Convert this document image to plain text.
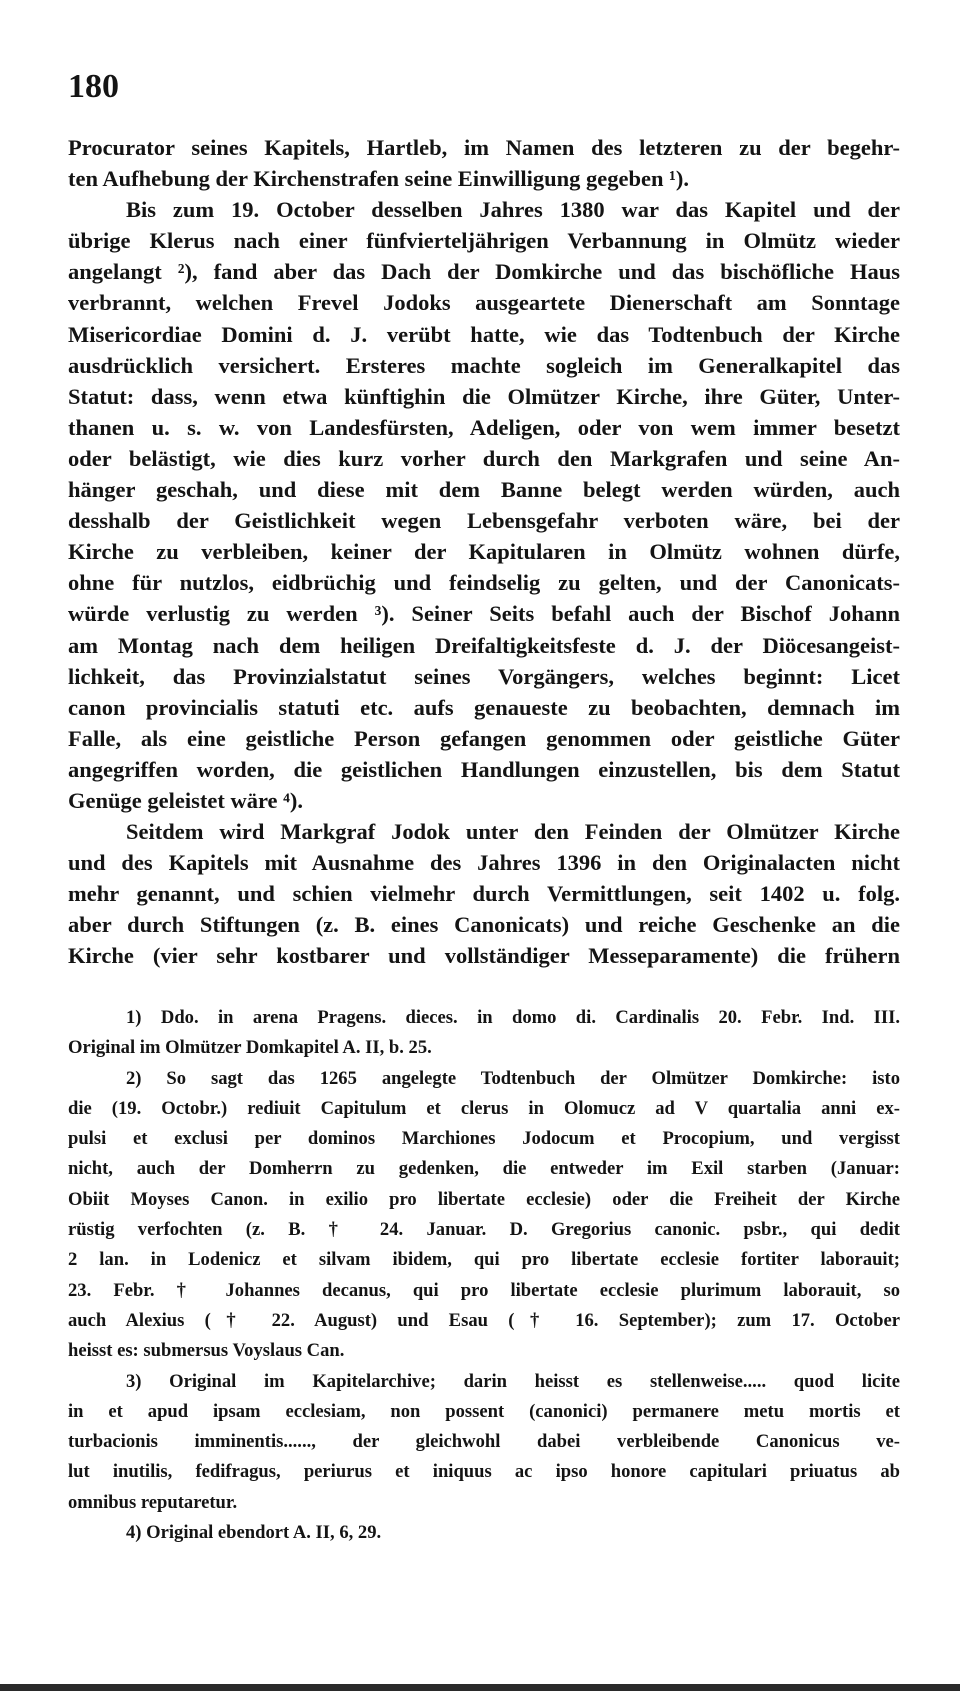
180
Procurator seines Kapitels, Hartleb, im Namen des letzteren zu der begehr-
ten Aufhebung der Kirchenstrafen seine Einwilligung gegeben ¹).
Bis zum 19. October desselben Jahres 1380 war das Kapitel und der
übrige Klerus nach einer fünfvierteljährigen Verbannung in Olmütz wieder
angelangt ²), fand aber das Dach der Domkirche und das bischöfliche Haus
verbrannt, welchen Frevel Jodoks ausgeartete Dienerschaft am Sonntage
Misericordiae Domini d. J. verübt hatte, wie das Todtenbuch der Kirche
ausdrücklich versichert. Ersteres machte sogleich im Generalkapitel das
Statut: dass, wenn etwa künftighin die Olmützer Kirche, ihre Güter, Unter-
thanen u. s. w. von Landesfürsten, Adeligen, oder von wem immer besetzt
oder belästigt, wie dies kurz vorher durch den Markgrafen und seine An-
hänger geschah, und diese mit dem Banne belegt werden würden, auch
desshalb der Geistlichkeit wegen Lebensgefahr verboten wäre, bei der
Kirche zu verbleiben, keiner der Kapitularen in Olmütz wohnen dürfe,
ohne für nutzlos, eidbrüchig und feindselig zu gelten, und der Canonicats-
würde verlustig zu werden ³). Seiner Seits befahl auch der Bischof Johann
am Montag nach dem heiligen Dreifaltigkeitsfeste d. J. der Diöcesangeist-
lichkeit, das Provinzialstatut seines Vorgängers, welches beginnt: Licet
canon provincialis statuti etc. aufs genaueste zu beobachten, demnach im
Falle, als eine geistliche Person gefangen genommen oder geistliche Güter
angegriffen worden, die geistlichen Handlungen einzustellen, bis dem Statut
Genüge geleistet wäre ⁴).
Seitdem wird Markgraf Jodok unter den Feinden der Olmützer Kirche
und des Kapitels mit Ausnahme des Jahres 1396 in den Originalacten nicht
mehr genannt, und schien vielmehr durch Vermittlungen, seit 1402 u. folg.
aber durch Stiftungen (z. B. eines Canonicats) und reiche Geschenke an die
Kirche (vier sehr kostbarer und vollständiger Messeparamente) die frühern
1) Ddo. in arena Pragens. dieces. in domo di. Cardinalis 20. Febr. Ind. III.
Original im Olmützer Domkapitel A. II, b. 25.
2) So sagt das 1265 angelegte Todtenbuch der Olmützer Domkirche: isto
die (19. Octobr.) rediuit Capitulum et clerus in Olomucz ad V quartalia anni ex-
pulsi et exclusi per dominos Marchiones Jodocum et Procopium, und vergisst
nicht, auch der Domherrn zu gedenken, die entweder im Exil starben (Januar:
Obiit Moyses Canon. in exilio pro libertate ecclesie) oder die Freiheit der Kirche
rüstig verfochten (z. B. † 24. Januar. D. Gregorius canonic. psbr., qui dedit
2 lan. in Lodenicz et silvam ibidem, qui pro libertate ecclesie fortiter laborauit;
23. Febr. † Johannes decanus, qui pro libertate ecclesie plurimum laborauit, so
auch Alexius († 22. August) und Esau († 16. September); zum 17. October
heisst es: submersus Voyslaus Can.
3) Original im Kapitelarchive; darin heisst es stellenweise..... quod licite
in et apud ipsam ecclesiam, non possent (canonici) permanere metu mortis et
turbacionis imminentis......, der gleichwohl dabei verbleibende Canonicus ve-
lut inutilis, fedifragus, periurus et iniquus ac ipso honore capitulari priuatus ab
omnibus reputaretur.
4) Original ebendort A. II, 6, 29.
